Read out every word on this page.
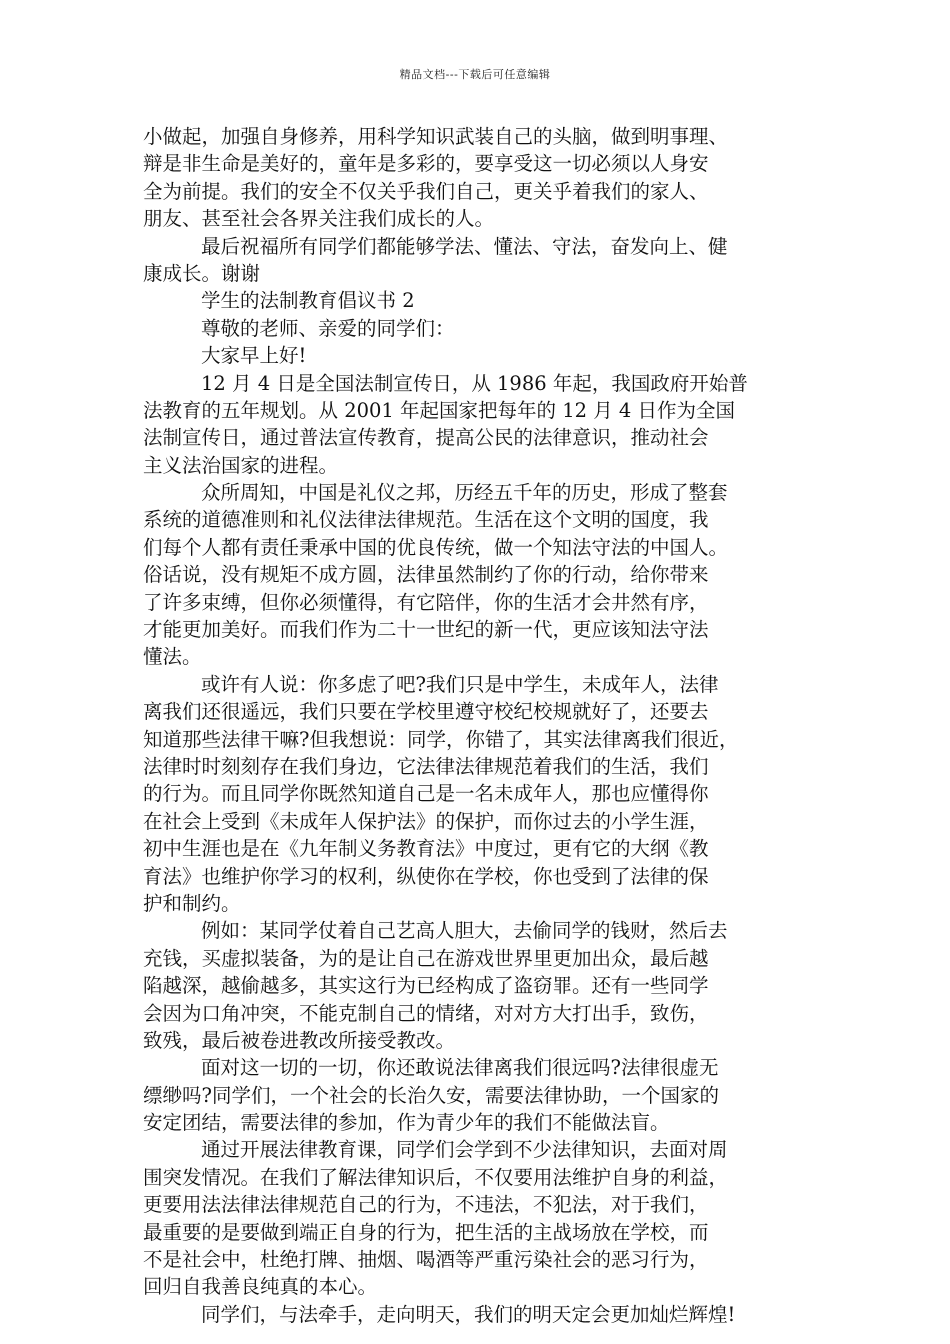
精品文档---下载后可任意编辑
小做起，加强自身修养，用科学知识武装自己的头脑，做到明事理、
辩是非生命是美好的，童年是多彩的，要享受这一切必须以人身安
全为前提。我们的安全不仅关乎我们自己，更关乎着我们的家人、
朋友、甚至社会各界关注我们成长的人。
最后祝福所有同学们都能够学法、懂法、守法，奋发向上、健
康成长。谢谢
学生的法制教育倡议书 2
尊敬的老师、亲爱的同学们：
大家早上好!
12 月 4 日是全国法制宣传日，从 1986 年起，我国政府开始普
法教育的五年规划。从 2001 年起国家把每年的 12 月 4 日作为全国
法制宣传日，通过普法宣传教育，提高公民的法律意识，推动社会
主义法治国家的进程。
众所周知，中国是礼仪之邦，历经五千年的历史，形成了整套
系统的道德准则和礼仪法律法律规范。生活在这个文明的国度，我
们每个人都有责任秉承中国的优良传统，做一个知法守法的中国人。
俗话说，没有规矩不成方圆，法律虽然制约了你的行动，给你带来
了许多束缚，但你必须懂得，有它陪伴，你的生活才会井然有序，
才能更加美好。而我们作为二十一世纪的新一代，更应该知法守法
懂法。
或许有人说：你多虑了吧?我们只是中学生，未成年人，法律
离我们还很遥远，我们只要在学校里遵守校纪校规就好了，还要去
知道那些法律干嘛?但我想说：同学，你错了，其实法律离我们很近，
法律时时刻刻存在我们身边，它法律法律规范着我们的生活，我们
的行为。而且同学你既然知道自己是一名未成年人，那也应懂得你
在社会上受到《未成年人保护法》的保护，而你过去的小学生涯，
初中生涯也是在《九年制义务教育法》中度过，更有它的大纲《教
育法》也维护你学习的权利，纵使你在学校，你也受到了法律的保
护和制约。
例如：某同学仗着自己艺高人胆大，去偷同学的钱财，然后去
充钱，买虚拟装备，为的是让自己在游戏世界里更加出众，最后越
陷越深，越偷越多，其实这行为已经构成了盗窃罪。还有一些同学
会因为口角冲突，不能克制自己的情绪，对对方大打出手，致伤，
致残，最后被卷进教改所接受教改。
面对这一切的一切，你还敢说法律离我们很远吗?法律很虚无
缥缈吗?同学们，一个社会的长治久安，需要法律协助，一个国家的
安定团结，需要法律的参加，作为青少年的我们不能做法盲。
通过开展法律教育课，同学们会学到不少法律知识，去面对周
围突发情况。在我们了解法律知识后，不仅要用法维护自身的利益，
更要用法法律法律规范自己的行为，不违法，不犯法，对于我们，
最重要的是要做到端正自身的行为，把生活的主战场放在学校，而
不是社会中，杜绝打牌、抽烟、喝酒等严重污染社会的恶习行为，
回归自我善良纯真的本心。
同学们，与法牵手，走向明天，我们的明天定会更加灿烂辉煌!
